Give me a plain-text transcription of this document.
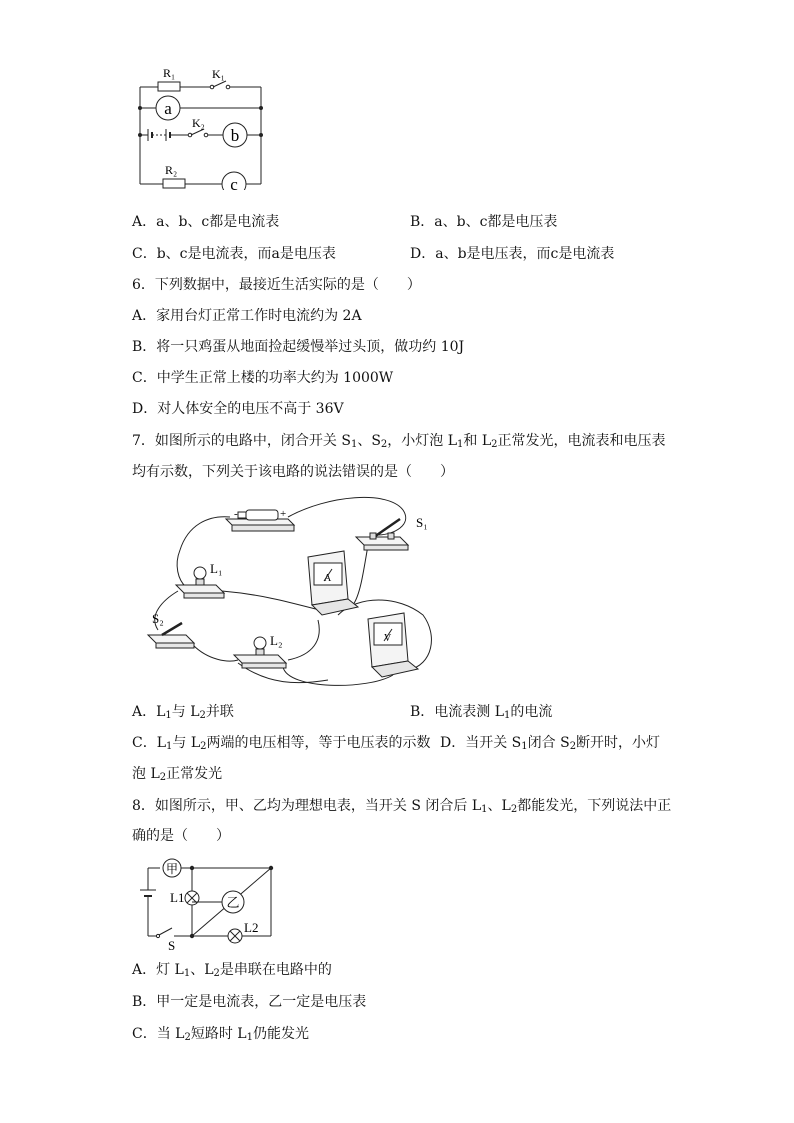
R₁	K₁
K₂
R₂
a
b
c
A．a、b、c都是电流表	B．a、b、c都是电压表
C．b、c是电流表，而a是电压表	D．a、b是电压表，而c是电流表
6．下列数据中，最接近生活实际的是（　　）
A．家用台灯正常工作时电流约为 2A
B．将一只鸡蛋从地面捡起缓慢举过头顶，做功约 10J
C．中学生正常上楼的功率大约为 1000W
D．对人体安全的电压不高于 36V
7．如图所示的电路中，闭合开关 $S_1$、$S_2$，小灯泡 $L_1$和 $L_2$正常发光，电流表和电压表
均有示数，下列关于该电路的说法错误的是（　　）
-	+
S₁
L₁
A
S₂
L₂	V
A．$L_1$与 $L_2$并联	B．电流表测 $L_1$的电流
C．$L_1$与 $L_2$两端的电压相等，等于电压表的示数 D．当开关 $S_1$闭合 $S_2$断开时，小灯
泡 $L_2$正常发光
8．如图所示，甲、乙均为理想电表，当开关 S 闭合后 $L_1$、$L_2$都能发光，下列说法中正
确的是（　　）
甲
乙
L1
L2
S
A．灯 $L_1$、$L_2$是串联在电路中的
B．甲一定是电流表，乙一定是电压表
C．当 $L_2$短路时 $L_1$仍能发光
